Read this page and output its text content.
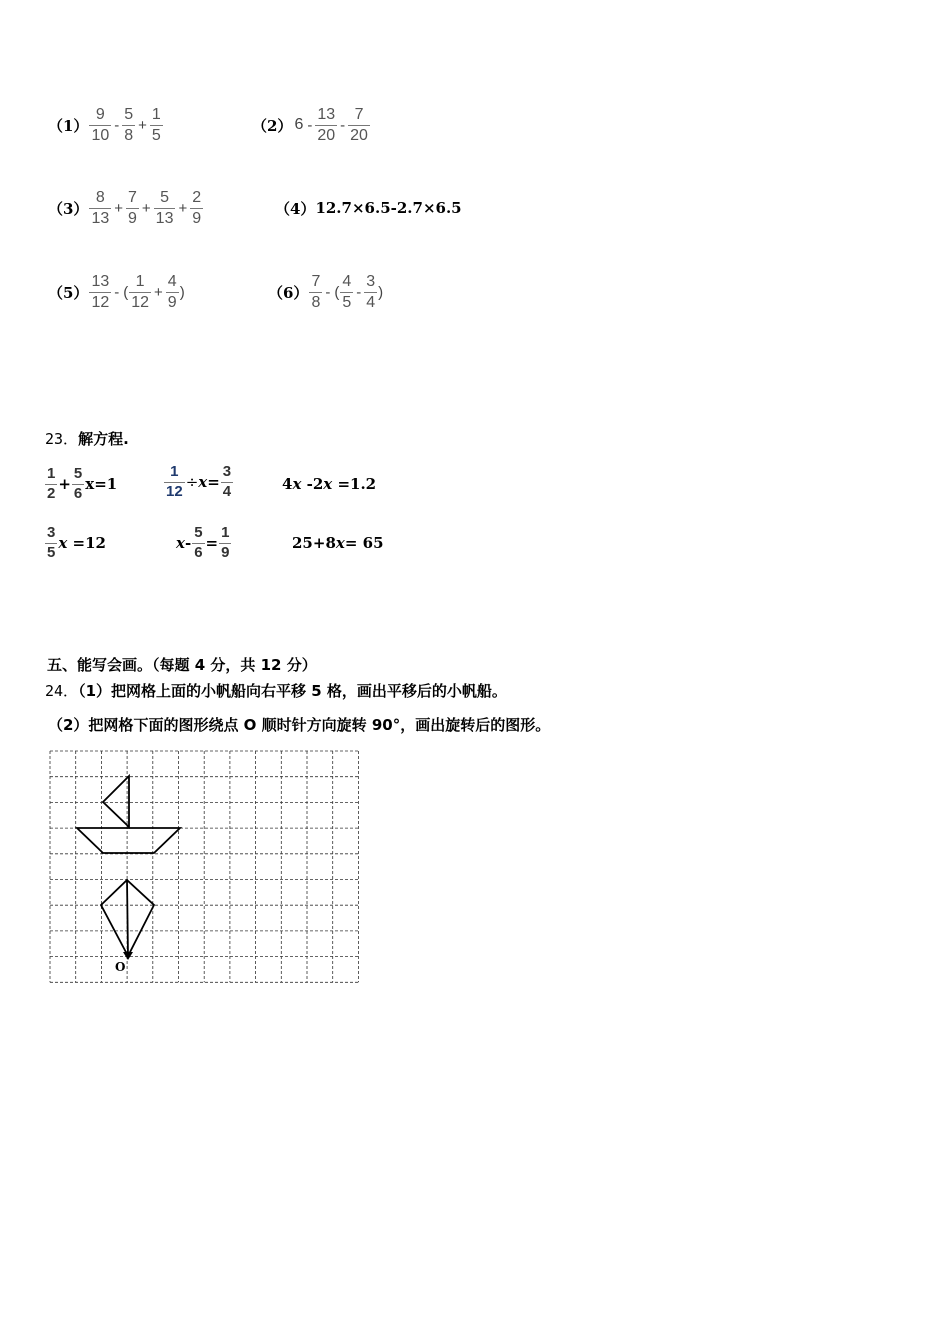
$(1) \frac{9}{10} - \frac{5}{8} + \frac{1}{5}$	（2） $6 - \frac{13}{20} - \frac{7}{20}$
$(3) \frac{8}{13} + \frac{7}{9} + \frac{5}{13} + \frac{2}{9}$	（4） 12.7×6.5-2.7×6.5
$(5) \frac{13}{12}$ - ( $\frac{1}{12} + \frac{4}{9}$ )	$(6) \frac{7}{8}$ - ( $\frac{4}{5} - \frac{3}{4}$ )
23．解方程.
$\frac{1}{2} + \frac{5}{6} x=1$	$\frac{1}{12} \div x = \frac{3}{4}$	4 x -2 x =1.2
$\frac{3}{5}$ x =12	$x - \frac{5}{6} = \frac{1}{9}$	25+8 x = 65
五、能写会画。（每题 4 分，共 12 分）
24．（1）把网格上面的小帆船向右平移 5 格，画出平移后的小帆船。
（2）把网格下面的图形绕点 O 顺时针方向旋转 90°，画出旋转后的图形。
O
